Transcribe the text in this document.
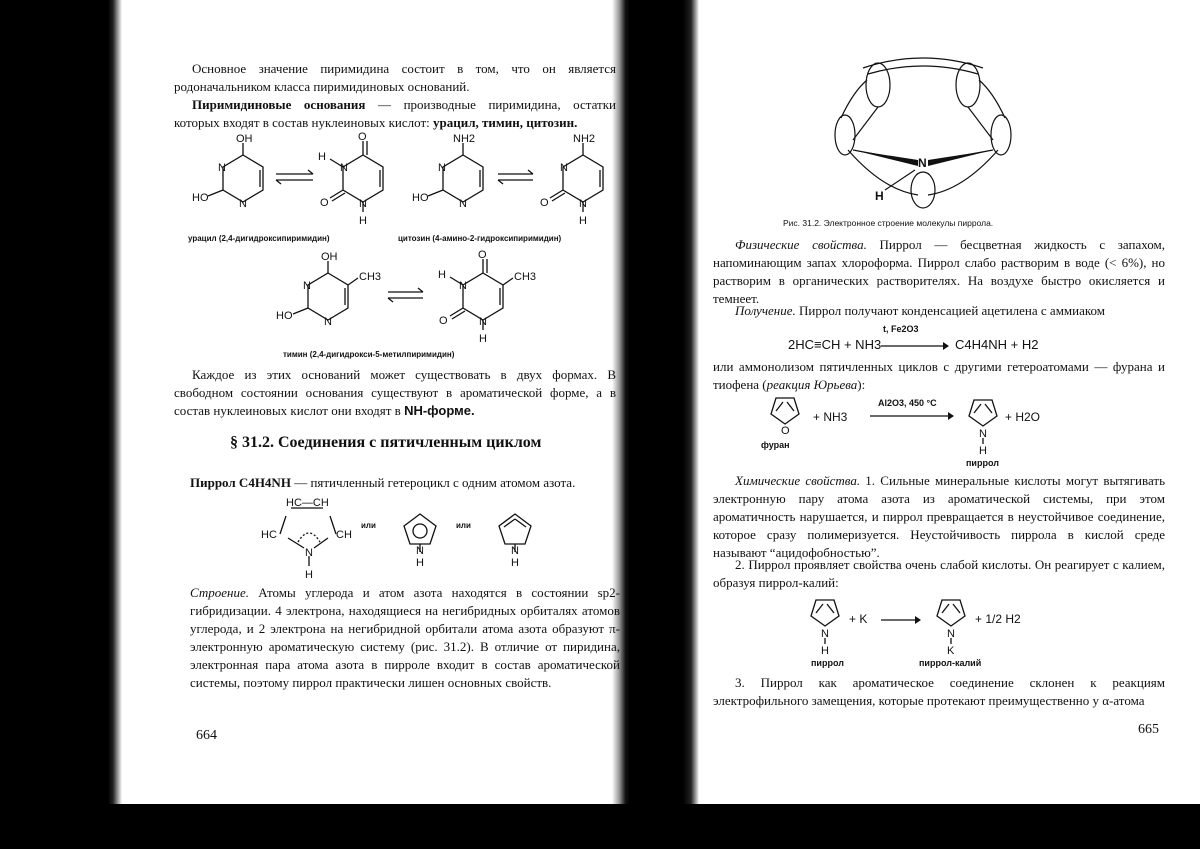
Основное значение пиримидина состоит в том, что он является родоначальником класса пиримидиновых оснований.
Пиримидиновые основания — производные пиримидина, остатки которых входят в состав нуклеиновых кислот: урацил, тимин, цитозин.
OH
HO
N
N
O
H
N
O	N
H
NH2
HO
N
N
NH2
O
N
N
H
урацил (2,4-дигидроксипиримидин)	цитозин (4-амино-2-гидроксипиримидин)
OH
CH3
HO
N
N
O
CH3
H
N
O	N
H
тимин (2,4-дигидрокси-5-метилпиримидин)
Каждое из этих оснований может существовать в двух формах. В свободном состоянии основания существуют в ароматической форме, а в состав нуклеиновых кислот они входят в NH-форме.
§ 31.2. Соединения с пятичленным циклом
Пиррол C4H4NH — пятичленный гетероцикл с одним атомом азота.
HC—CH
HC	CH
N
H
N
H
N
H
или	или
Строение. Атомы углерода и атом азота находятся в состоянии sp2-гибридизации. 4 электрона, находящиеся на негибридных орбиталях атомов углерода, и 2 электрона на негибридной орбитали атома азота образуют π-электронную ароматическую систему (рис. 31.2). В отличие от пиридина, электронная пара атома азота в пирроле входит в состав ароматической системы, поэтому пиррол практически лишен основных свойств.
664
N
H
Рис. 31.2. Электронное строение молекулы пиррола.
Физические свойства. Пиррол — бесцветная жидкость с запахом, напоминающим запах хлороформа. Пиррол слабо растворим в воде (< 6%), но растворим в органических растворителях. На воздухе быстро окисляется и темнеет.
Получение. Пиррол получают конденсацией ацетилена с аммиаком
t, Fe2O3
2HC≡CH + NH3	C4H4NH + H2
или аммонолизом пятичленных циклов с другими гетероатомами — фурана и тиофена (реакция Юрьева):
O
фуран
+ NH3
Al2O3, 450 °C
N
H
+ H2O
пиррол
Химические свойства. 1. Сильные минеральные кислоты могут вытягивать электронную пару атома азота из ароматической системы, при этом ароматичность нарушается, и пиррол превращается в неустойчивое соединение, которое сразу полимеризуется. Неустойчивость пиррола в кислой среде называют “ацидофобностью”.
2. Пиррол проявляет свойства очень слабой кислоты. Он реагирует с калием, образуя пиррол-калий:
N
H
+ K
N
K
+ 1/2 H2
пиррол	пиррол-калий
3. Пиррол как ароматическое соединение склонен к реакциям электрофильного замещения, которые протекают преимущественно у α-атома
665
